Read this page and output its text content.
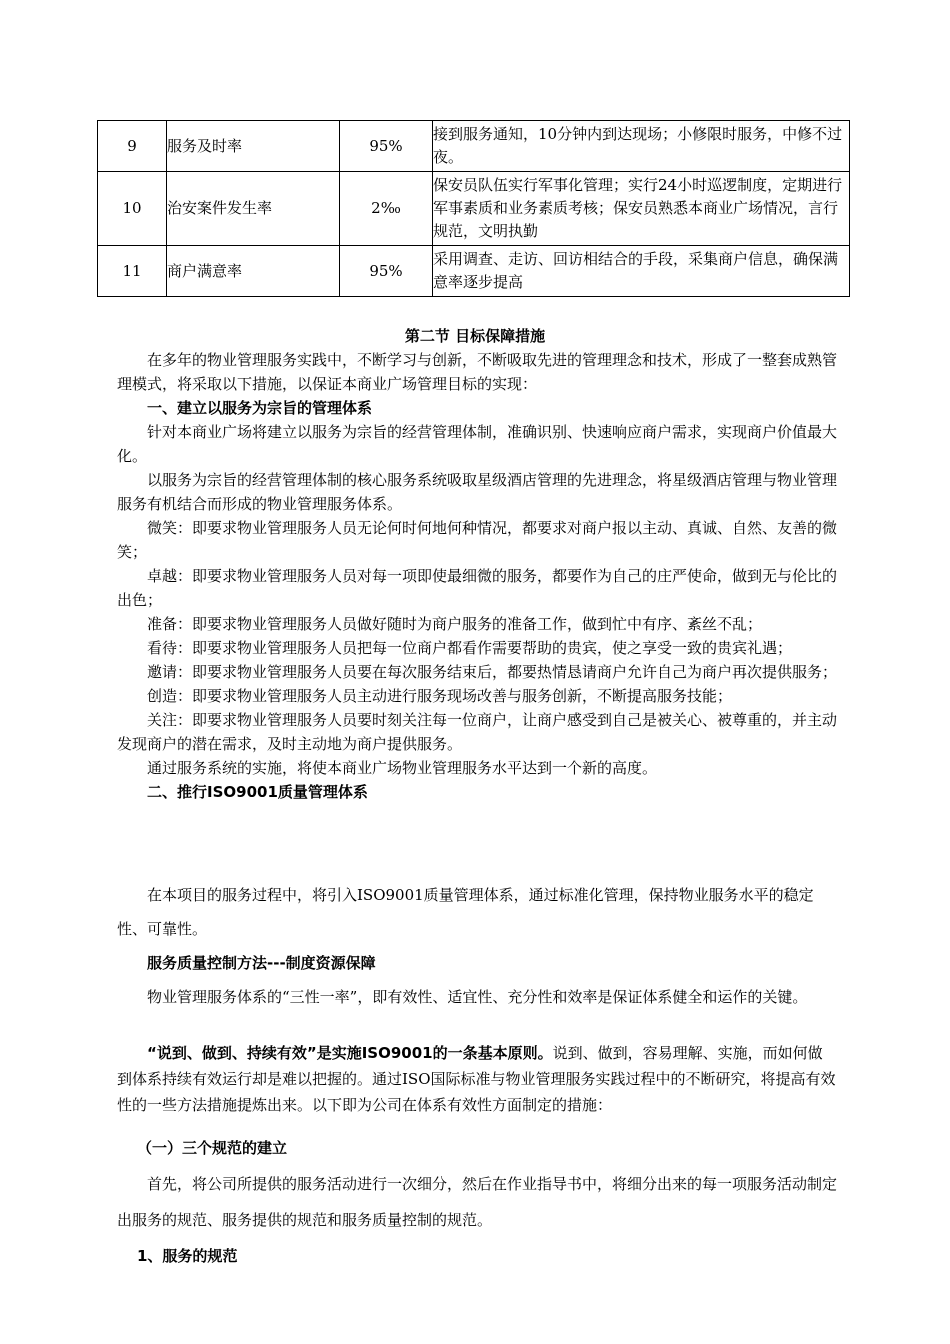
9	服务及时率	95%	接到服务通知，10分钟内到达现场；小修限时服务，中修不过夜。
10	治安案件发生率	2‰	保安员队伍实行军事化管理；实行24小时巡逻制度，定期进行军事素质和业务素质考核；保安员熟悉本商业广场情况，言行规范，文明执勤
11	商户满意率	95%	采用调查、走访、回访相结合的手段，采集商户信息，确保满意率逐步提高
第二节 目标保障措施

在多年的物业管理服务实践中，不断学习与创新，不断吸取先进的管理理念和技术，形成了一整套成熟管理模式，将采取以下措施，以保证本商业广场管理目标的实现：

一、建立以服务为宗旨的管理体系

针对本商业广场将建立以服务为宗旨的经营管理体制，准确识别、快速响应商户需求，实现商户价值最大化。

以服务为宗旨的经营管理体制的核心服务系统吸取星级酒店管理的先进理念，将星级酒店管理与物业管理服务有机结合而形成的物业管理服务体系。

微笑：即要求物业管理服务人员无论何时何地何种情况，都要求对商户报以主动、真诚、自然、友善的微笑；

卓越：即要求物业管理服务人员对每一项即使最细微的服务，都要作为自己的庄严使命，做到无与伦比的出色；

准备：即要求物业管理服务人员做好随时为商户服务的准备工作，做到忙中有序、紊丝不乱；

看待：即要求物业管理服务人员把每一位商户都看作需要帮助的贵宾，使之享受一致的贵宾礼遇；

邀请：即要求物业管理服务人员要在每次服务结束后，都要热情恳请商户允许自己为商户再次提供服务；

创造：即要求物业管理服务人员主动进行服务现场改善与服务创新，不断提高服务技能；

关注：即要求物业管理服务人员要时刻关注每一位商户，让商户感受到自己是被关心、被尊重的，并主动发现商户的潜在需求，及时主动地为商户提供服务。

通过服务系统的实施，将使本商业广场物业管理服务水平达到一个新的高度。

二、推行ISO9001质量管理体系

在本项目的服务过程中，将引入ISO9001质量管理体系，通过标准化管理，保持物业服务水平的稳定性、可靠性。

服务质量控制方法---制度资源保障

物业管理服务体系的“三性一率”，即有效性、适宜性、充分性和效率是保证体系健全和运作的关键。

“说到、做到、持续有效”是实施ISO9001的一条基本原则。说到、做到，容易理解、实施，而如何做到体系持续有效运行却是难以把握的。通过ISO国际标准与物业管理服务实践过程中的不断研究，将提高有效性的一些方法措施提炼出来。以下即为公司在体系有效性方面制定的措施：

（一）三个规范的建立

首先，将公司所提供的服务活动进行一次细分，然后在作业指导书中，将细分出来的每一项服务活动制定出服务的规范、服务提供的规范和服务质量控制的规范。

1、服务的规范
